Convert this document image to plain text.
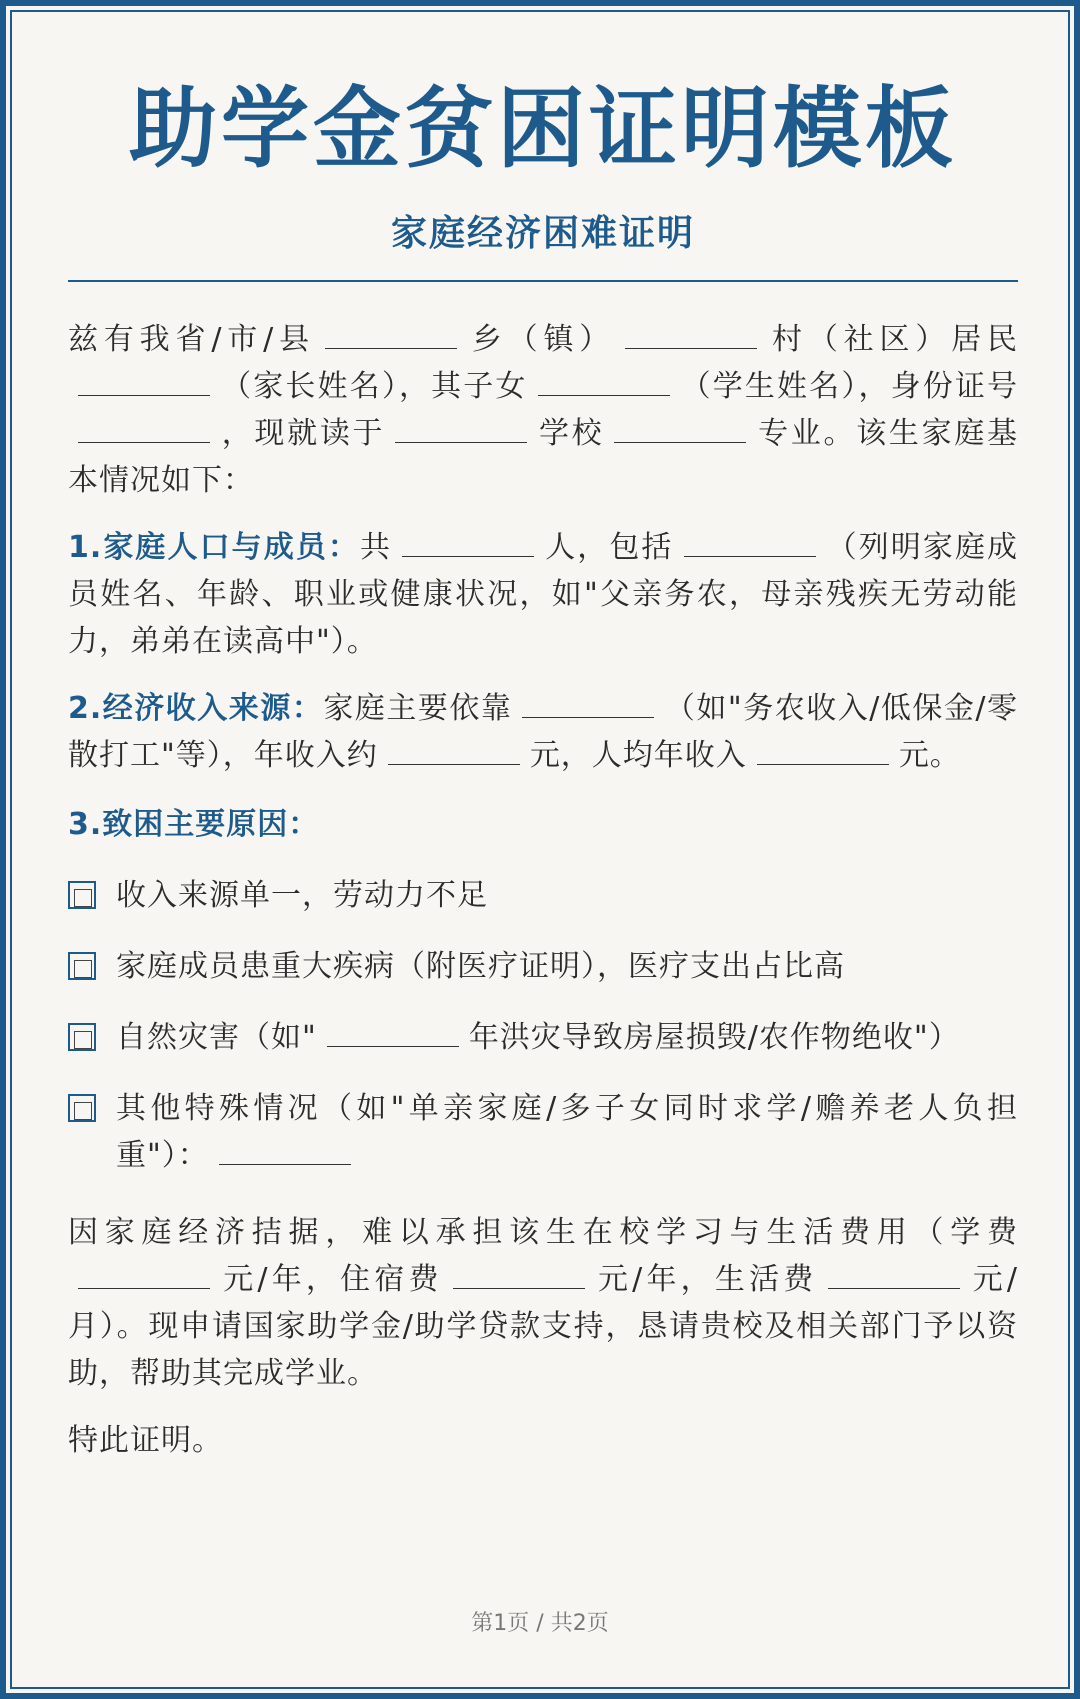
助学金贫困证明模板
家庭经济困难证明
兹有我省/市/县	乡（镇）	村（社区）居民（家长姓名），其子女	（学生姓名），身份证号，现就读于	学校	专业。该生家庭基本情况如下：
1.家庭人口与成员：共	人，包括	（列明家庭成员姓名、年龄、职业或健康状况，如"父亲务农，母亲残疾无劳动能力，弟弟在读高中"）。
2.经济收入来源：家庭主要依靠	（如"务农收入/低保金/零散打工"等），年收入约	元，人均年收入	元。
3.致困主要原因：
收入来源单一，劳动力不足
家庭成员患重大疾病（附医疗证明），医疗支出占比高
自然灾害（如"	年洪灾导致房屋损毁/农作物绝收"）
其他特殊情况（如"单亲家庭/多子女同时求学/赡养老人负担重"）：
因家庭经济拮据，难以承担该生在校学习与生活费用（学费元/年，住宿费	元/年，生活费	元/月）。现申请国家助学金/助学贷款支持，恳请贵校及相关部门予以资助，帮助其完成学业。
特此证明。
第1页 / 共2页
